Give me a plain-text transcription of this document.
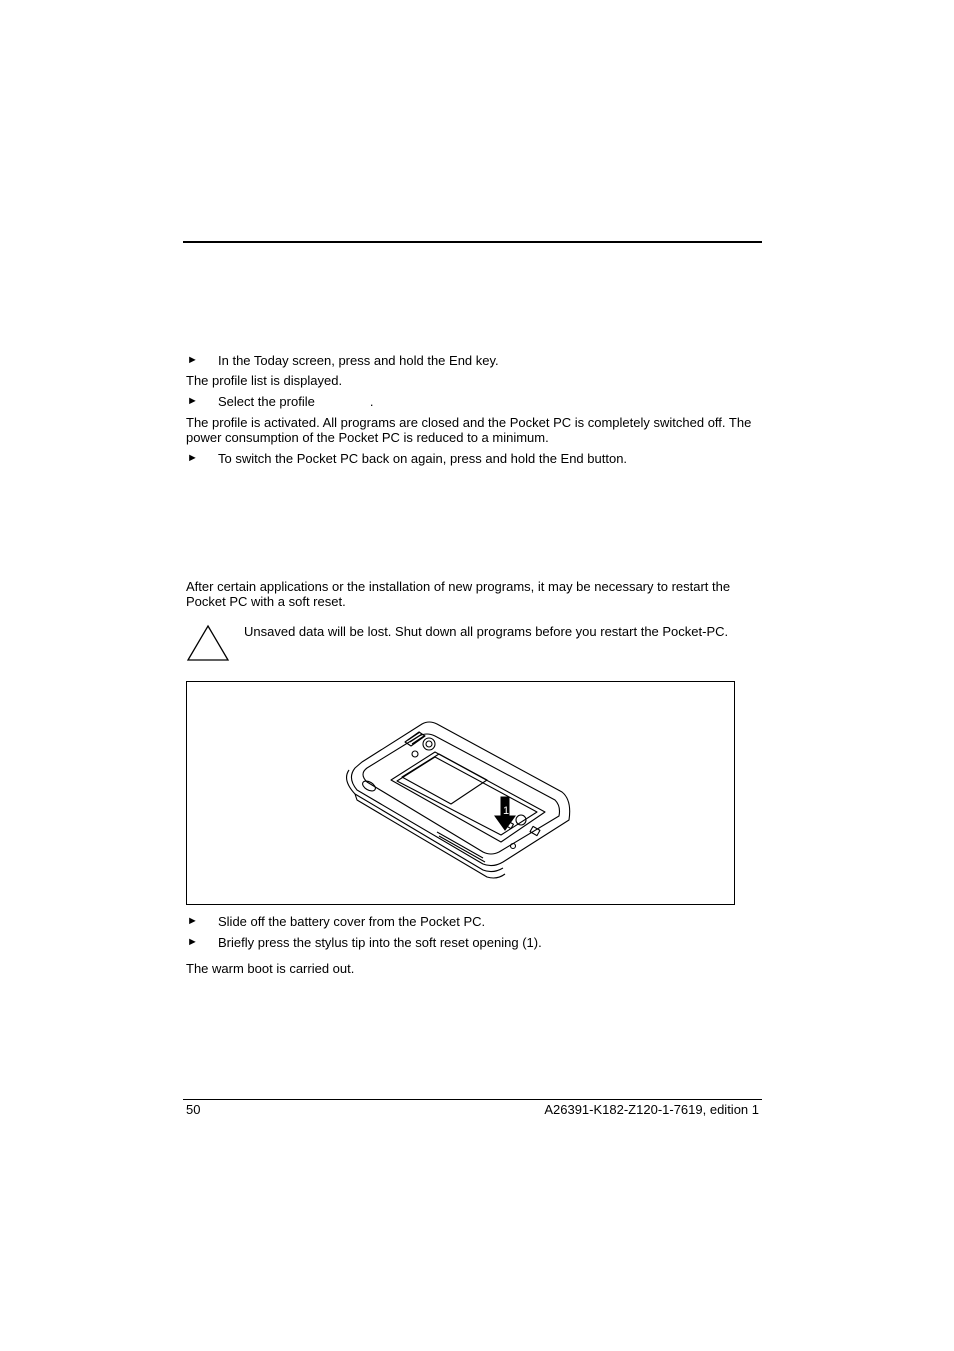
► In the Today screen, press and hold the End key.
The profile list is displayed.
► Select the profile	.
The profile is activated. All programs are closed and the Pocket PC is completely switched off. The
power consumption of the Pocket PC is reduced to a minimum.
► To switch the Pocket PC back on again, press and hold the End button.
After certain applications or the installation of new programs, it may be necessary to restart the
Pocket PC with a soft reset.
Unsaved data will be lost. Shut down all programs before you restart the Pocket-PC.
1
► Slide off the battery cover from the Pocket PC.
► Briefly press the stylus tip into the soft reset opening (1).
The warm boot is carried out.
50	A26391-K182-Z120-1-7619, edition 1
